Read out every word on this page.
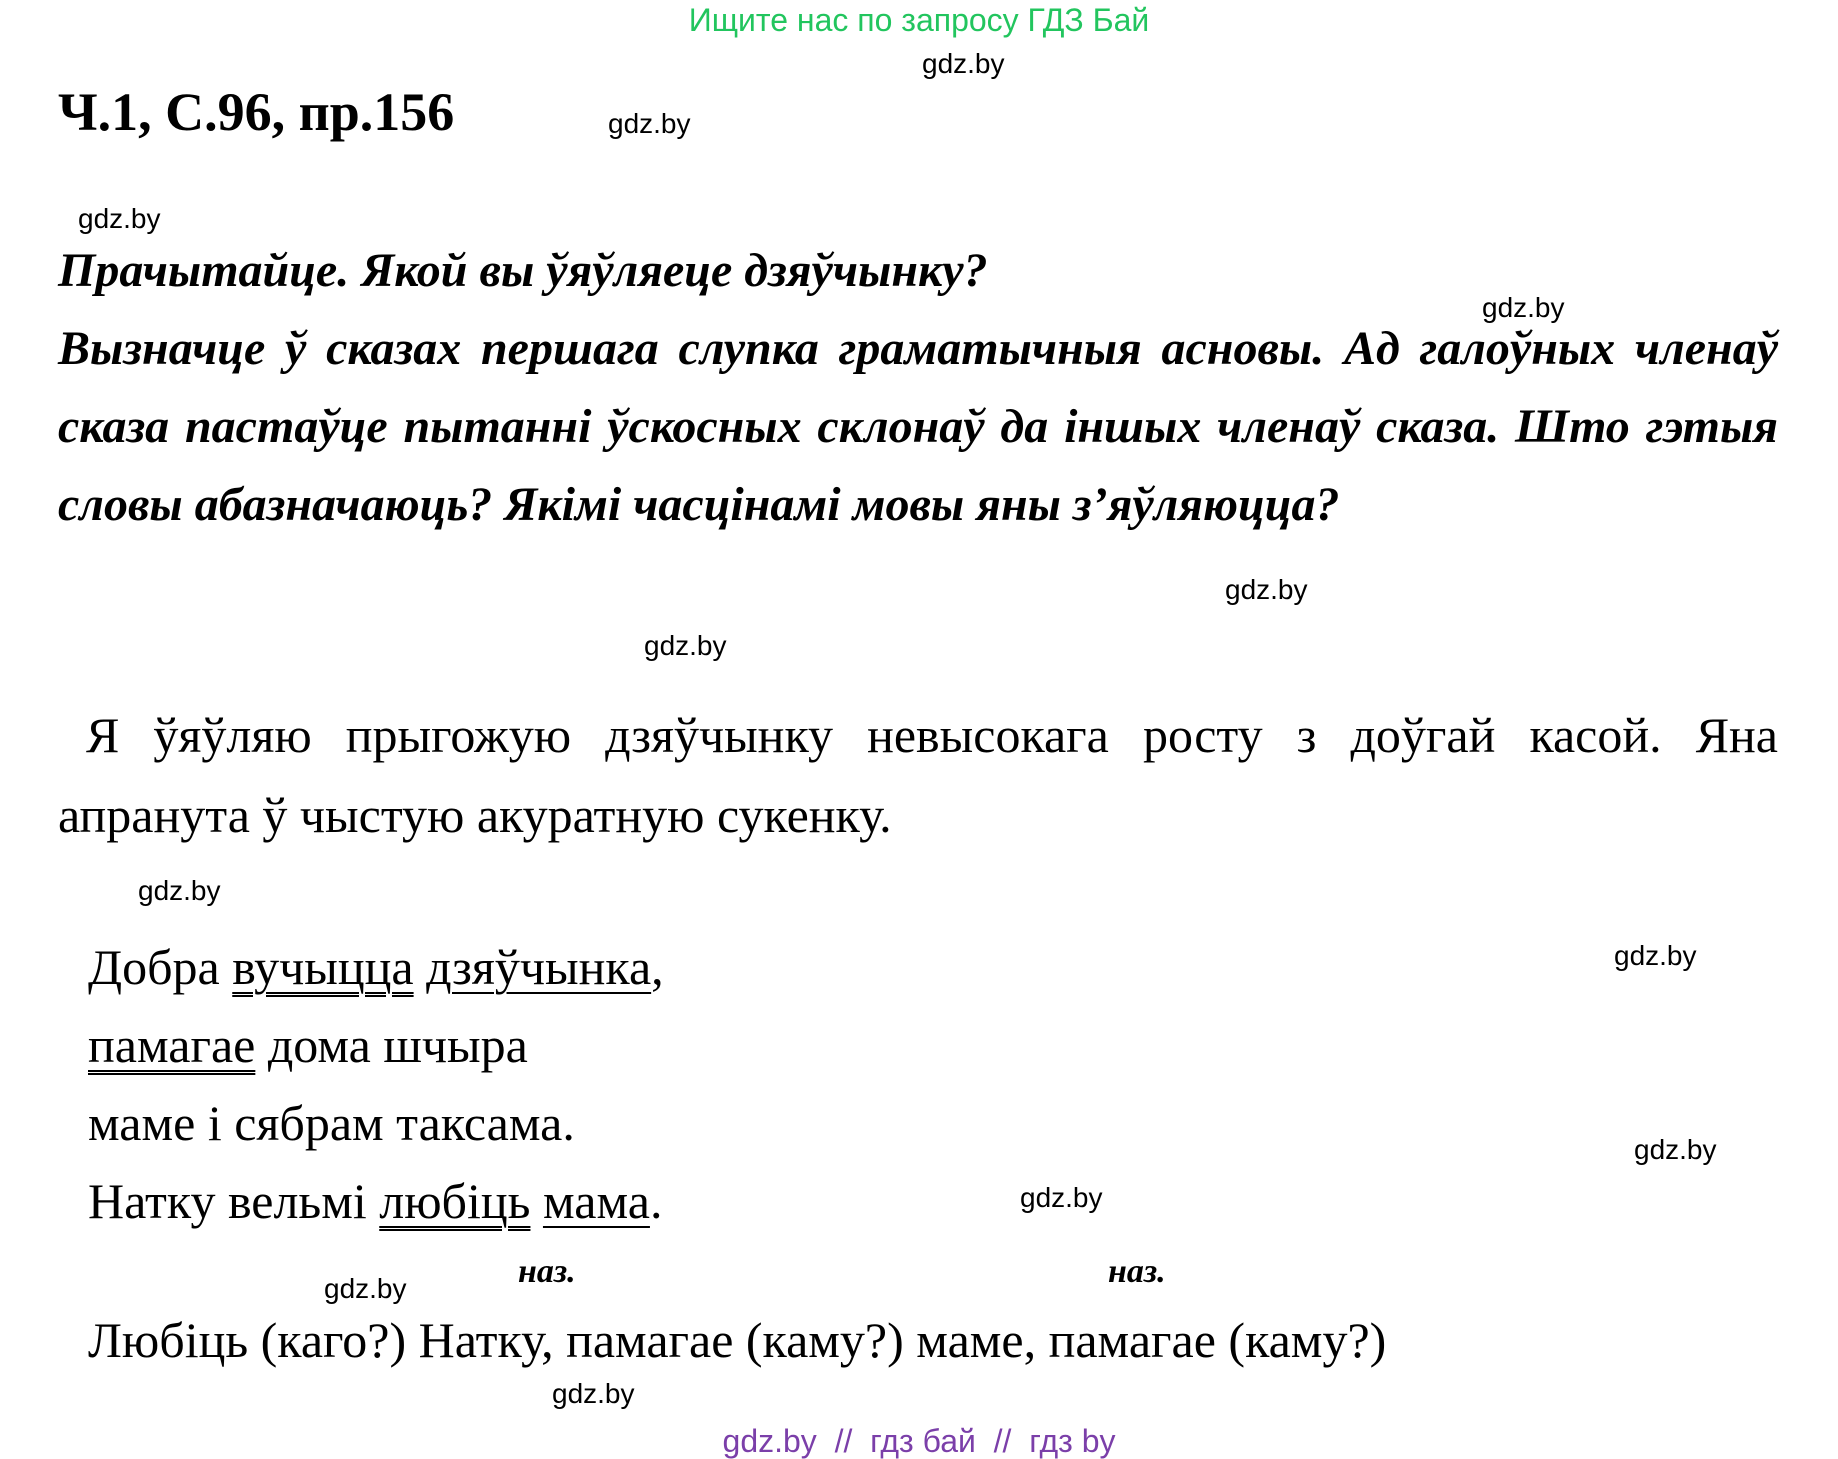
Ищите нас по запросу ГДЗ Бай
gdz.by
gdz.by
gdz.by
gdz.by
gdz.by
gdz.by
gdz.by
gdz.by
gdz.by
gdz.by
gdz.by
gdz.by
Ч.1, С.96, пр.156

Прачытайце. Якой вы ўяўляеце дзяўчынку?

Вызначце ў сказах першага слупка граматычныя асновы. Ад галоўных членаў сказа пастаўце пытанні ўскосных склонаў да іншых членаў сказа. Што гэтыя словы абазначаюць? Якімі часцінамі мовы яны з’яўляюцца?

Я ўяўляю прыгожую дзяўчынку невысокага росту з доўгай касой. Яна апранута ў чыстую акуратную сукенку.
Добра вучыцца дзяўчынка,
памагае дома шчыра
маме і сябрам таксама.
Натку вельмі любіць мама.
наз.	наз.
Любіць (каго?) Натку, памагае (каму?) маме, памагае (каму?)
gdz.by  //  гдз бай  //  гдз by
